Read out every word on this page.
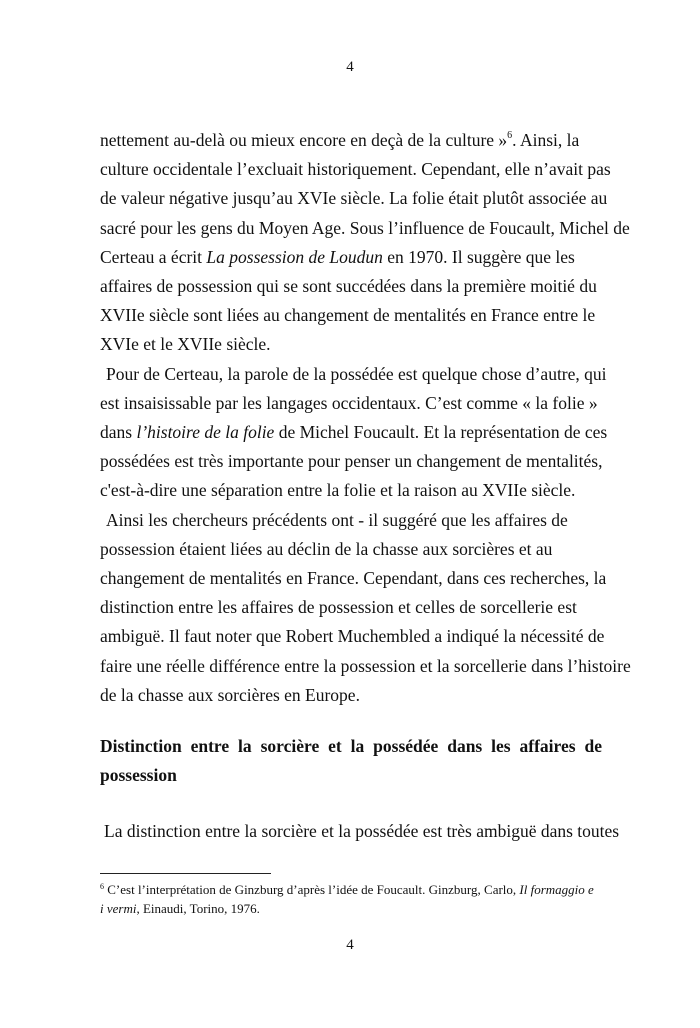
4
nettement au-delà ou mieux encore en deçà de la culture »$^6$. Ainsi, la
culture occidentale l’excluait historiquement. Cependant, elle n’avait pas
de valeur négative jusqu’au XVIe siècle. La folie était plutôt associée au
sacré pour les gens du Moyen Age. Sous l’influence de Foucault, Michel de
Certeau a écrit La possession de Loudun en 1970. Il suggère que les
affaires de possession qui se sont succédées dans la première moitié du
XVIIe siècle sont liées au changement de mentalités en France entre le
XVIe et le XVIIe siècle.
Pour de Certeau, la parole de la possédée est quelque chose d’autre, qui
est insaisissable par les langages occidentaux. C’est comme « la folie »
dans l’histoire de la folie de Michel Foucault. Et la représentation de ces
possédées est très importante pour penser un changement de mentalités,
c'est-à-dire une séparation entre la folie et la raison au XVIIe siècle.
Ainsi les chercheurs précédents ont - il suggéré que les affaires de
possession étaient liées au déclin de la chasse aux sorcières et au
changement de mentalités en France. Cependant, dans ces recherches, la
distinction entre les affaires de possession et celles de sorcellerie est
ambiguë. Il faut noter que Robert Muchembled a indiqué la nécessité de
faire une réelle différence entre la possession et la sorcellerie dans l’histoire
de la chasse aux sorcières en Europe.
Distinction entre la sorcière et la possédée dans les affaires de
possession
La distinction entre la sorcière et la possédée est très ambiguë dans toutes
$^6$ C’est l’interprétation de Ginzburg d’après l’idée de Foucault. Ginzburg, Carlo, Il formaggio e
i vermi, Einaudi, Torino, 1976.
4
